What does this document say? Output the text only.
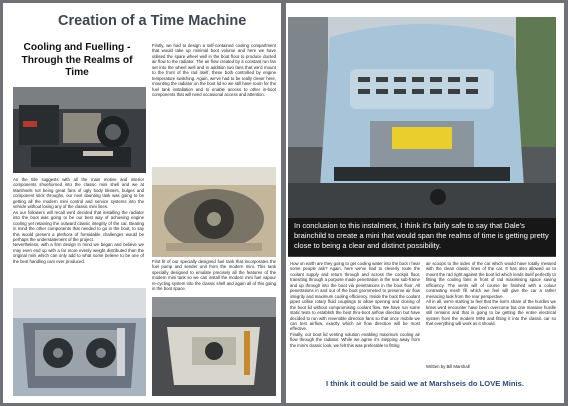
Creation of a Time Machine
Cooling and Fuelling - Through the Realms of Time
As the title suggests with all the main motive and interior components shoehorned into the classic mini shell and we at Marshsels not being great fans of ugly body blisters, bulges and component stick throughs, our next daunting task was going to be getting all the modern mini control and service systems into the vehicle without losing any of the classic mini lines.
As our followers will recall we'd decided that installing the radiator into the boot was going to be our best way of achieving engine cooling yet retaining the outward classic integrity of the car. Bearing in mind the other components that needed to go in the boot, to say this would present a plethora of formidable challenges would be perhaps the understatement of the project.
Nevertheless, with a firm design in mind we began and believe we may even end up with a far more evenly weight distributed than the original mini which can only add to what some believe to be one of the best handling cars ever produced.
Firstly, we had to design a self-contained cooling compartment that would take up minimal boot volume and here we have utilised the spare wheel well in the boot floor to produce ducted air flow to the radiator. The air flow created by a constant run fan set into the wheel well and in addition two fans that we'd mount to the front of the rad itself, these both controlled by engine temperature switching. Again, we've had to be really clever here, mounting the radiator on the boot lid so we still have room for the fuel tank installation and to enable access to other in-boot components that will need occasional access and attention.
First fit of our specially designed fuel tank that incorporates the fuel pump and sender unit from the modern mini. This tank specially designed to emulate precisely all the features of the modern mini tank so we can install the modern mini fuel vapour re-cycling system into the classic shell and again all of this going in the boot space.
In conclusion to this instalment, I think it's fairly safe to say that Dale's brainchild to create a mini that would span the realms of time is getting pretty close to being a clear and distinct possibility.
How on earth are they going to get cooling water into the boot I hear some people ask? Again, here we've had to cleverly route the coolant supply and return through and across the cockpit floor, transiting through a purpose made penetration in the rear sub-frame and up through into the boot via penetrations in the boot floor. All penetrations in and out of the boot grommeted to preserve air flow integrity and maximum cooling efficiency. Inside the boot the coolant pipes utilise rotary fluid couplings to allow opening and closing of the boot lid without compromising coolant flow. We have run some static tests to establish the best thru-boot airflow direction but have decided to run with reversible direction fans so that once mobile we can test airflow, exactly which air flow direction will be most effective.
Finally, our boot lid venting solution enabling maximum cooling air flow through the radiator. While we agree it's stepping away from the mini's classic look, we felt this was preferable to fitting
air scoops to the sides of the car which would have totally messed with the clean classic lines of the car. It has also allowed us to mount the rad right against the boot lid which lends itself perfectly to fitting the cooling fans in front of rad maximising space saving efficiency. The vents will of course be finished with a colour contrasting mesh fill which we feel will give the car a rather menacing look from the rear perspective.
All in all, we're starting to feel that the lion's share of the hurdles we knew we'd encounter have been overcome but one massive hurdle still remains and that is going to be getting the entire electrical system from the modern MINI and fitting it into the classic car so that everything will work as it should.
Written by Bill Marshall
I think it could be said we at Marshseis do LOVE Minis.
